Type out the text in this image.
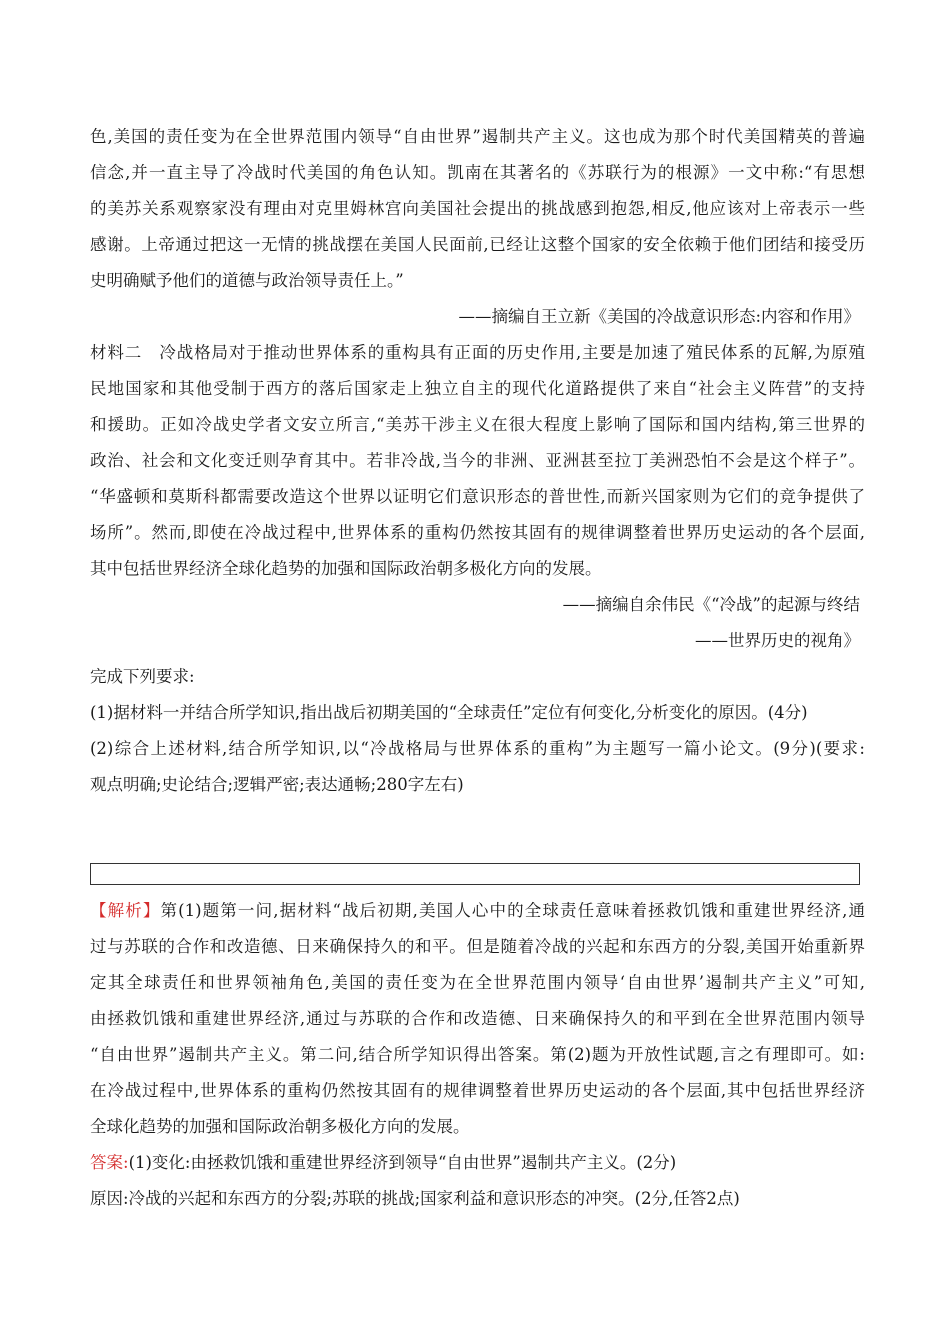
色,美国的责任变为在全世界范围内领导“自由世界”遏制共产主义。这也成为那个时代美国精英的普遍
信念,并一直主导了冷战时代美国的角色认知。凯南在其著名的《苏联行为的根源》一文中称:“有思想
的美苏关系观察家没有理由对克里姆林宫向美国社会提出的挑战感到抱怨,相反,他应该对上帝表示一些
感谢。上帝通过把这一无情的挑战摆在美国人民面前,已经让这整个国家的安全依赖于他们团结和接受历
史明确赋予他们的道德与政治领导责任上。”
——摘编自王立新《美国的冷战意识形态:内容和作用》
材料二　冷战格局对于推动世界体系的重构具有正面的历史作用,主要是加速了殖民体系的瓦解,为原殖
民地国家和其他受制于西方的落后国家走上独立自主的现代化道路提供了来自“社会主义阵营”的支持
和援助。正如冷战史学者文安立所言,“美苏干涉主义在很大程度上影响了国际和国内结构,第三世界的
政治、社会和文化变迁则孕育其中。若非冷战,当今的非洲、亚洲甚至拉丁美洲恐怕不会是这个样子”。
“华盛顿和莫斯科都需要改造这个世界以证明它们意识形态的普世性,而新兴国家则为它们的竞争提供了
场所”。然而,即使在冷战过程中,世界体系的重构仍然按其固有的规律调整着世界历史运动的各个层面,
其中包括世界经济全球化趋势的加强和国际政治朝多极化方向的发展。
——摘编自余伟民《“冷战”的起源与终结
——世界历史的视角》
完成下列要求:
(1)据材料一并结合所学知识,指出战后初期美国的“全球责任”定位有何变化,分析变化的原因。(4分)
(2)综合上述材料,结合所学知识,以“冷战格局与世界体系的重构”为主题写一篇小论文。(9分)(要求:
观点明确;史论结合;逻辑严密;表达通畅;280字左右)
【解析】第(1)题第一问,据材料“战后初期,美国人心中的全球责任意味着拯救饥饿和重建世界经济,通
过与苏联的合作和改造德、日来确保持久的和平。但是随着冷战的兴起和东西方的分裂,美国开始重新界
定其全球责任和世界领袖角色,美国的责任变为在全世界范围内领导‘自由世界’遏制共产主义”可知,
由拯救饥饿和重建世界经济,通过与苏联的合作和改造德、日来确保持久的和平到在全世界范围内领导
“自由世界”遏制共产主义。第二问,结合所学知识得出答案。第(2)题为开放性试题,言之有理即可。如:
在冷战过程中,世界体系的重构仍然按其固有的规律调整着世界历史运动的各个层面,其中包括世界经济
全球化趋势的加强和国际政治朝多极化方向的发展。
答案:(1)变化:由拯救饥饿和重建世界经济到领导“自由世界”遏制共产主义。(2分)
原因:冷战的兴起和东西方的分裂;苏联的挑战;国家利益和意识形态的冲突。(2分,任答2点)
